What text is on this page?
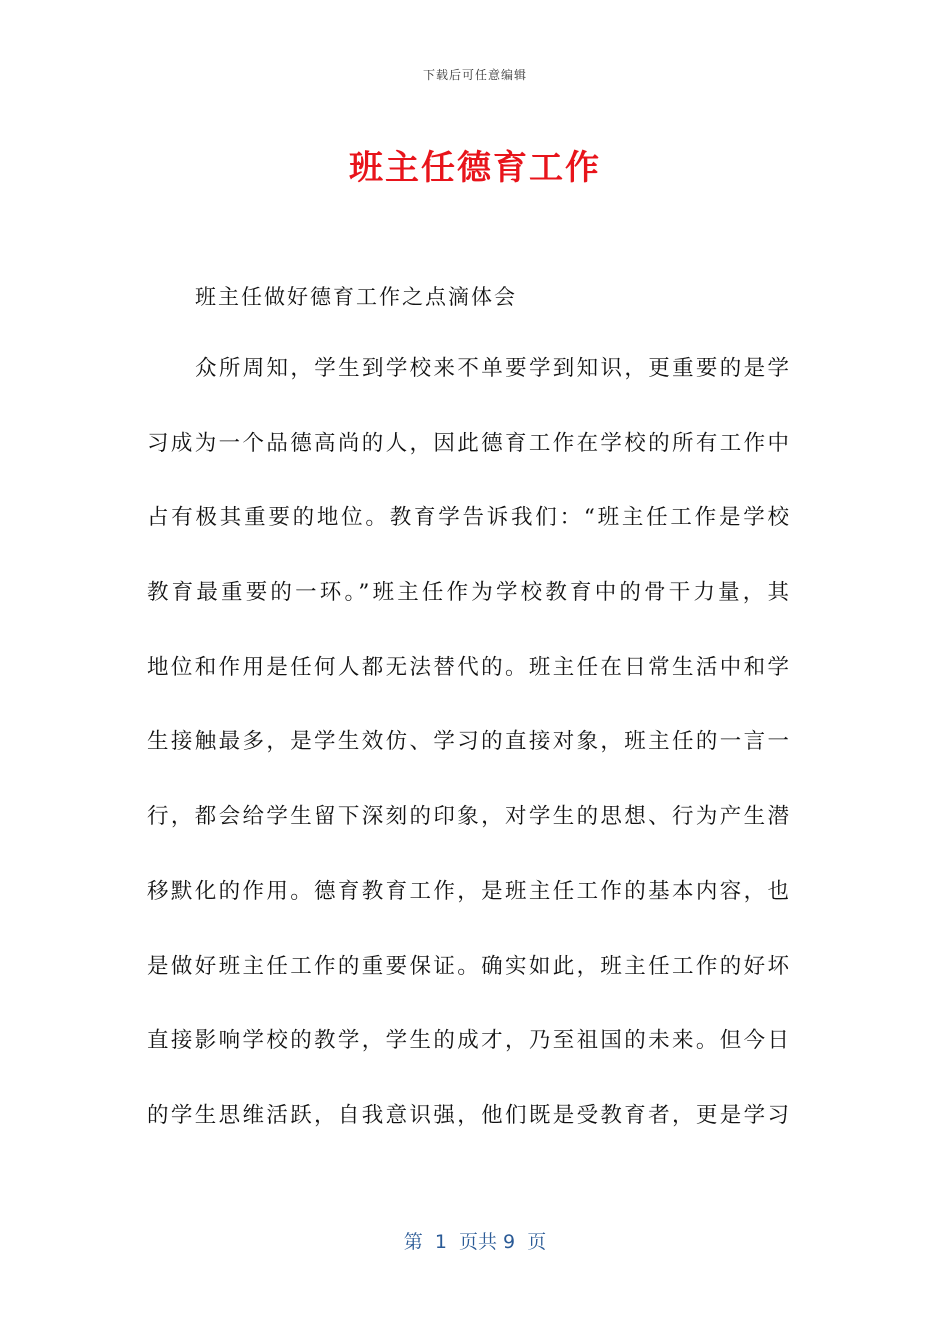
下载后可任意编辑
班主任德育工作
班主任做好德育工作之点滴体会
众所周知，学生到学校来不单要学到知识，更重要的是学
习成为一个品德高尚的人，因此德育工作在学校的所有工作中
占有极其重要的地位。教育学告诉我们：“班主任工作是学校
教育最重要的一环。”班主任作为学校教育中的骨干力量，其
地位和作用是任何人都无法替代的。班主任在日常生活中和学
生接触最多，是学生效仿、学习的直接对象，班主任的一言一
行，都会给学生留下深刻的印象，对学生的思想、行为产生潜
移默化的作用。德育教育工作，是班主任工作的基本内容，也
是做好班主任工作的重要保证。确实如此，班主任工作的好坏
直接影响学校的教学，学生的成才，乃至祖国的未来。但今日
的学生思维活跃，自我意识强，他们既是受教育者，更是学习
第  1  页共 9  页
